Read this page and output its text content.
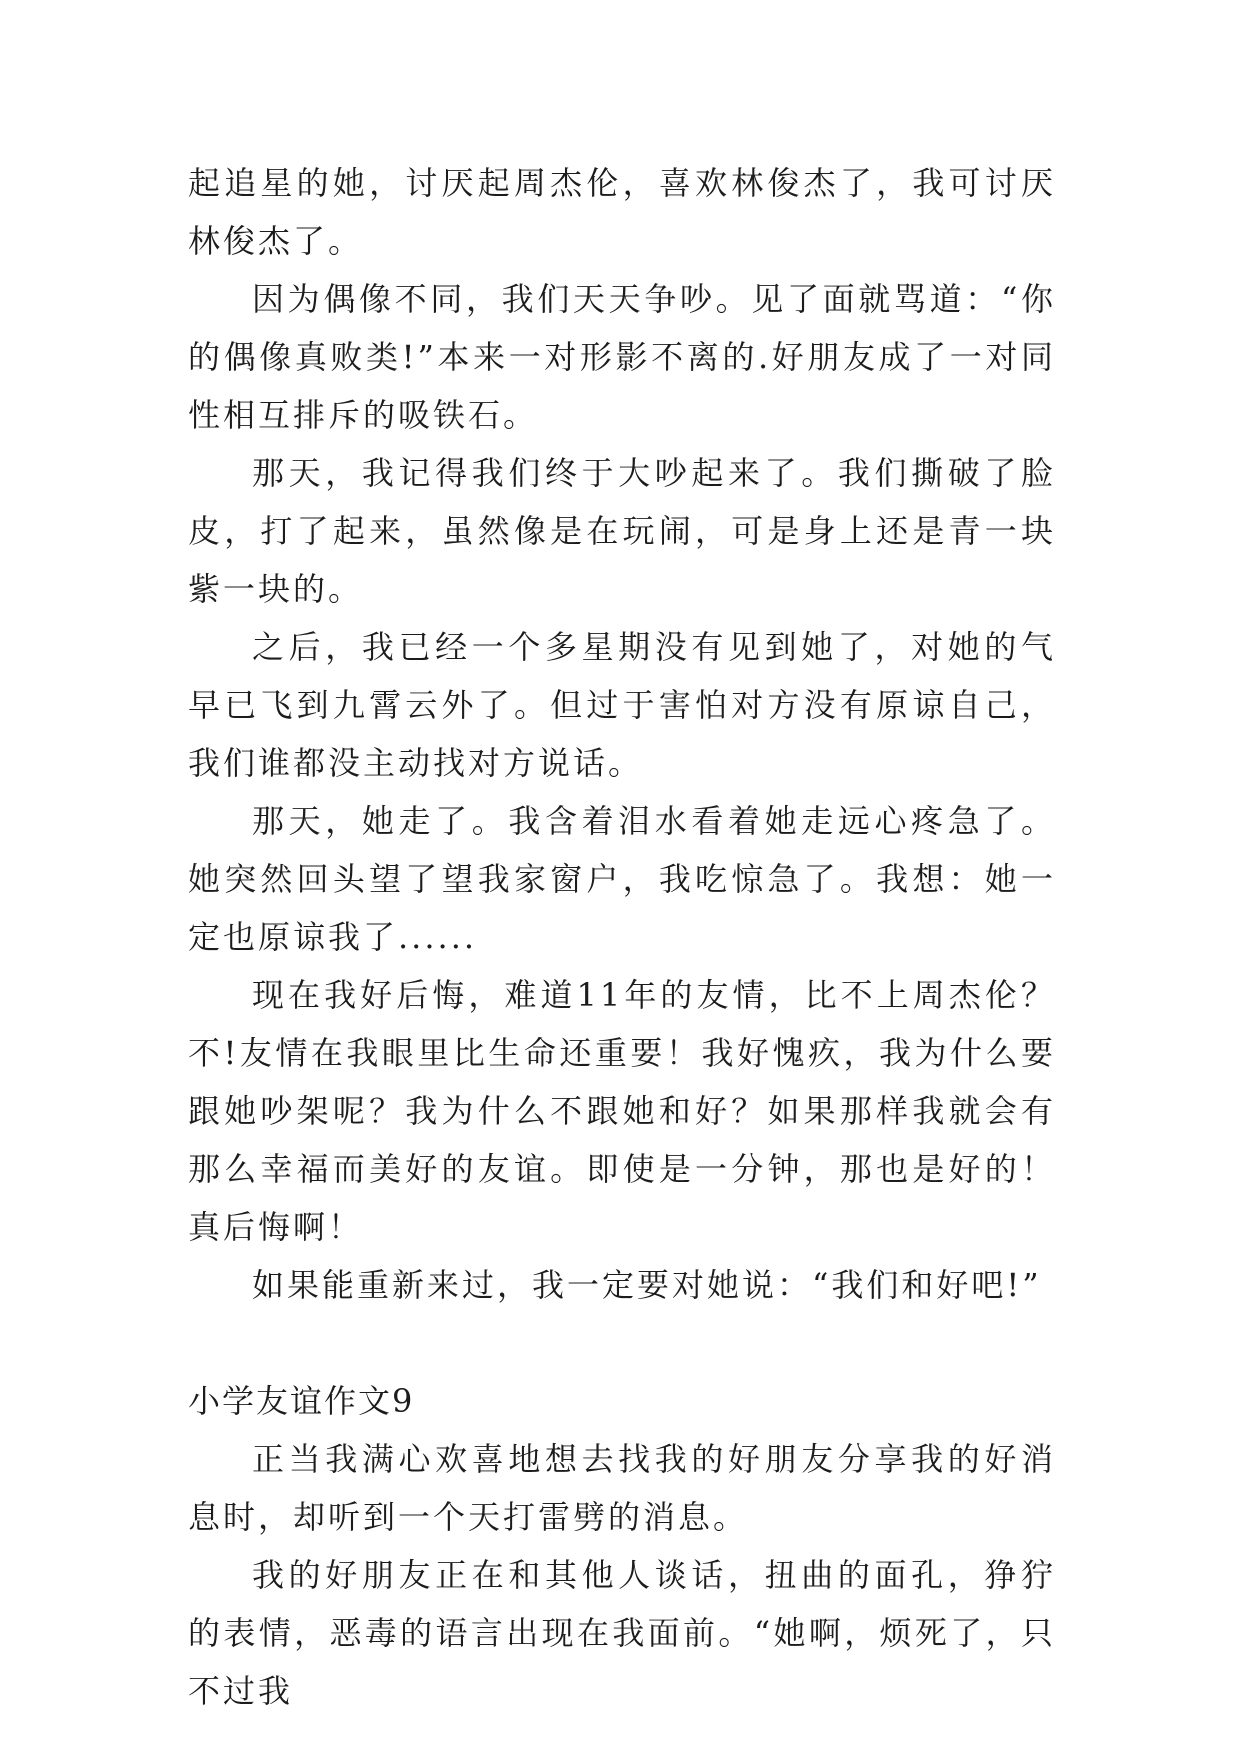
起追星的她，讨厌起周杰伦，喜欢林俊杰了，我可讨厌林俊杰了。

因为偶像不同，我们天天争吵。见了面就骂道：“你的偶像真败类!”本来一对形影不离的.好朋友成了一对同性相互排斥的吸铁石。

那天，我记得我们终于大吵起来了。我们撕破了脸皮，打了起来，虽然像是在玩闹，可是身上还是青一块紫一块的。

之后，我已经一个多星期没有见到她了，对她的气早已飞到九霄云外了。但过于害怕对方没有原谅自己，我们谁都没主动找对方说话。

那天，她走了。我含着泪水看着她走远心疼急了。她突然回头望了望我家窗户，我吃惊急了。我想：她一定也原谅我了......

现在我好后悔，难道11年的友情，比不上周杰伦？不!友情在我眼里比生命还重要！我好愧疚，我为什么要跟她吵架呢？我为什么不跟她和好？如果那样我就会有那么幸福而美好的友谊。即使是一分钟，那也是好的！真后悔啊！

如果能重新来过，我一定要对她说：“我们和好吧!”

小学友谊作文9

正当我满心欢喜地想去找我的好朋友分享我的好消息时，却听到一个天打雷劈的消息。

我的好朋友正在和其他人谈话，扭曲的面孔，狰狞的表情，恶毒的语言出现在我面前。“她啊，烦死了，只不过我
